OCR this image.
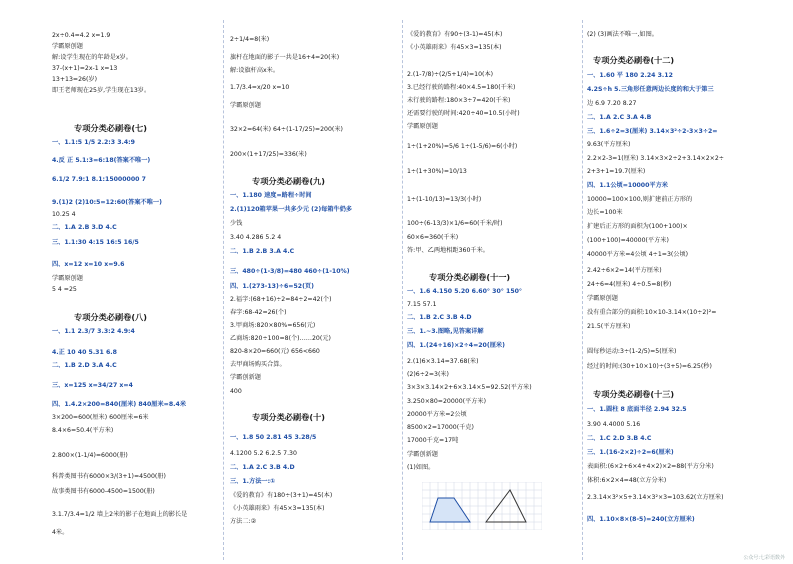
专项分类必刷卷(七)
专项分类必刷卷(八)
2x÷0.4=4.2 x=1.9
学霸原创题
解:设学生现在的年龄是x岁。
37-(x+1)=2x-1 x=13
13+13=26(岁)
即王老师现在25岁,学生现在13岁。
一、1.1:5 1/5 2.2:3 3.4:9
4.反 正 5.1:3=6:18(答案不唯一)
6.1/2 7.9:1 8.1:15000000 7
9.(1)2 (2)10:5=12:60(答案不唯一)
10.25 4
二、1.A 2.B 3.D 4.C
三、1.1:30 4:15 16:5 16/5
四、x=12 x=10 x=9.6
学霸原创题
5 4 =25
一、1.1 2.3/7 3.3:2 4.9:4
4.正 10 40 5.31 6.8
二、1.B 2.D 3.A 4.C
三、x=125 x=34/27 x=4
四、1.4.2×200=840(厘米) 840厘米=8.4米
3×200=600(厘米) 600厘米=6米
8.4×6=50.4(平方米)
2.800×(1-1/4)=6000(册)
科普类图书有6000×3/(3+1)=4500(册)
故事类图书有6000-4500=1500(册)
3.1.7/3.4=1/2 墙上2米的影子在地面上的影长是
4米。
专项分类必刷卷(九)
专项分类必刷卷(十)
2÷1/4=8(米)
旗杆在地面的影子一共是16+4=20(米)
解:设旗杆高x米。
1.7/3.4=x/20 x=10
学霸原创题
32×2=64(米) 64÷(1-17/25)=200(米)
200×(1+17/25)=336(米)
一、1.180 速度=路程÷时间
2.(1)120箱苹果一共多少元 (2)每箱牛奶多
少钱
3.40 4.286 5.2 4
二、1.B 2.B 3.A 4.C
三、480÷(1-3/8)=480 460÷(1-10%)
四、1.(273-13)÷6=52(页)
2.福字:(68+16)÷2=84÷2=42(个)
春字:68-42=26(个)
3.甲商场:820×80%=656(元)
乙商场:820÷100=8(个)……20(元)
820-8×20=660(元) 656<660
去甲商场购买合算。
学霸创新题
400
一、1.8 50 2.81 45 3.28/5
4.1200 5.2 6.2.5 7.30
二、1.A 2.C 3.B 4.D
三、1.方法一:①
《爱的教育》有180÷(3+1)=45(本)
《小英雄雨来》有45×3=135(本)
方法二:②
专项分类必刷卷(十一)
《爱的教育》有90÷(3-1)=45(本)
《小英雄雨来》有45×3=135(本)
2.(1-7/8)÷(2/5+1/4)=10(本)
3.已经行驶的路程:40×4.5=180(千米)
未行驶的路程:180×3÷7=420(千米)
还需要行驶的时间:420÷40=10.5(小时)
学霸原创题
1÷(1+20%)=5/6 1÷(1-5/6)=6(小时)
1÷(1+30%)=10/13
1÷(1-10/13)=13/3(小时)
100÷(6-13/3)×1/6=60(千米/时)
60×6=360(千米)
答:甲、乙两地相距360千米。
一、1.6 4.150 5.20 6.60° 30° 150°
7.15 57.1
二、1.B 2.C 3.B 4.D
三、1.~3.图略,见答案详解
四、1.(24+16)×2÷4=20(厘米)
2.(1)6×3.14=37.68(米)
(2)6÷2=3(米)
3×3×3.14×2+6×3.14×5=92.52(平方米)
3.250×80=20000(平方米)
20000平方米=2公顷
8500×2=17000(千克)
17000千克=17吨
学霸创新题
(1)如图。
专项分类必刷卷(十二)
专项分类必刷卷(十三)
(2) (3)画法不唯一,如图。
一、1.60 平 180 2.24 3.12
4.2S÷h 5.三角形任意两边长度的和大于第三
边 6.9 7.20 8.27
二、1.A 2.C 3.A 4.B
三、1.6÷2=3(厘米) 3.14×3²÷2-3×3÷2=
9.63(平方厘米)
2.2×2-3=1(厘米) 3.14×3×2÷2+3.14×2×2÷
2+3+1=19.7(厘米)
四、1.1公顷=10000平方米
10000=100×100,则扩建前正方形的
边长=100米
扩建后正方形的面积为(100+100)×
(100+100)=40000(平方米)
40000平方米=4公顷 4÷1=3(公顷)
2.42÷6×2=14(平方厘米)
24÷6=4(厘米) 4÷0.5=8(秒)
学霸原创题
没有重合部分的面积:10×10-3.14×(10÷2)²=
21.5(平方厘米)
圆每秒运动:3÷(1-2/5)=5(厘米)
经过的时间:(30+10×10)÷(3+5)=6.25(秒)
一、1.圆柱 8 底面半径 2.94 32.5
3.90 4.4000 5.16
二、1.C 2.D 3.B 4.C
三、1.(16-2×2)÷2=6(厘米)
表面积:(6×2+6×4+4×2)×2=88(平方分米)
体积:6×2×4=48(立方分米)
2.3.14×3²×5+3.14×3²×3=103.62(立方厘米)
四、1.10×8×(8-5)=240(立方厘米)
公众号:七彩语数外
